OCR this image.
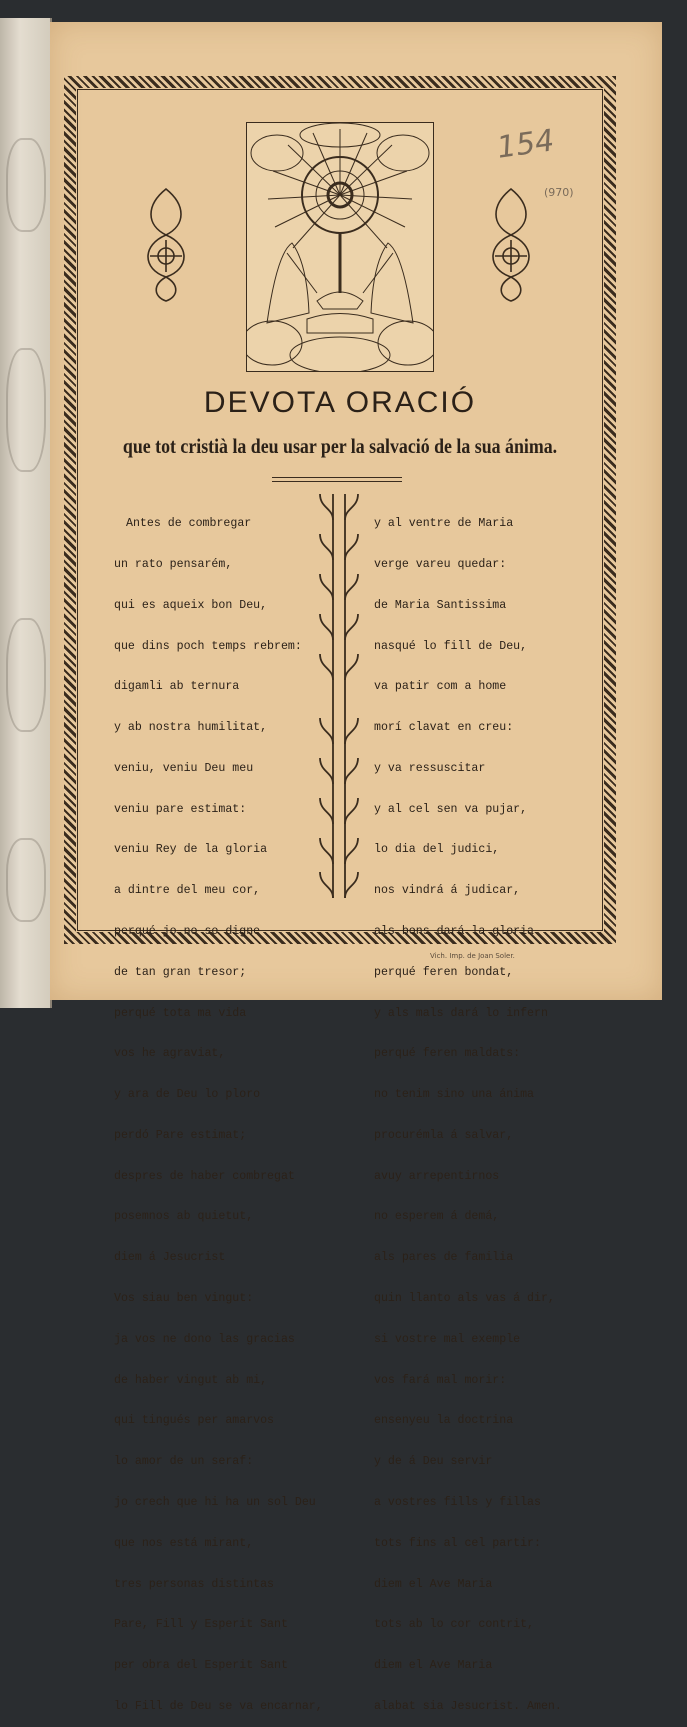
154
(970)
DEVOTA ORACIÓ
que tot cristià la deu usar per la salvació de la sua ánima.

Antes de combregar

un rato pensarém,

qui es aqueix bon Deu,

que dins poch temps rebrem:

digamli ab ternura

y ab nostra humilitat,

veniu, veniu Deu meu

veniu pare estimat:

veniu Rey de la gloria

a dintre del meu cor,

perqué jo no so digne

de tan gran tresor;

perqué tota ma vida

vos he agraviat,

y ara de Deu lo ploro

perdó Pare estimat;

despres de haber combregat

posemnos ab quietut,

diem á Jesucrist

Vos siau ben vingut:

ja vos ne dono las gracias

de haber vingut ab mi,

qui tingués per amarvos

lo amor de un seraf:

jo crech que hi ha un sol Deu

que nos está mirant,

tres personas distintas

Pare, Fill y Esperit Sant

per obra del Esperit Sant

lo Fill de Deu se va encarnar,

y al ventre de Maria

verge vareu quedar:

de Maria Santissima

nasqué lo fill de Deu,

va patir com a home

morí clavat en creu:

y va ressuscitar

y al cel sen va pujar,

lo dia del judici,

nos vindrá á judicar,

als bons dará la gloria

perqué feren bondat,

y als mals dará lo infern

perqué feren maldats:

no tenim sino una ánima

procurémla á salvar,

avuy arrepentirnos

no esperem á demá,

als pares de familia

quin llanto als vas á dir,

si vostre mal exemple

vos fará mal morir:

ensenyeu la doctrina

y de á Deu servir

a vostres fills y fillas

tots fins al cel partir:

diem el Ave Maria

tots ab lo cor contrit,

diem el Ave Maria

alabat sia Jesucrist. Amen.

Vich. Imp. de Joan Soler.
